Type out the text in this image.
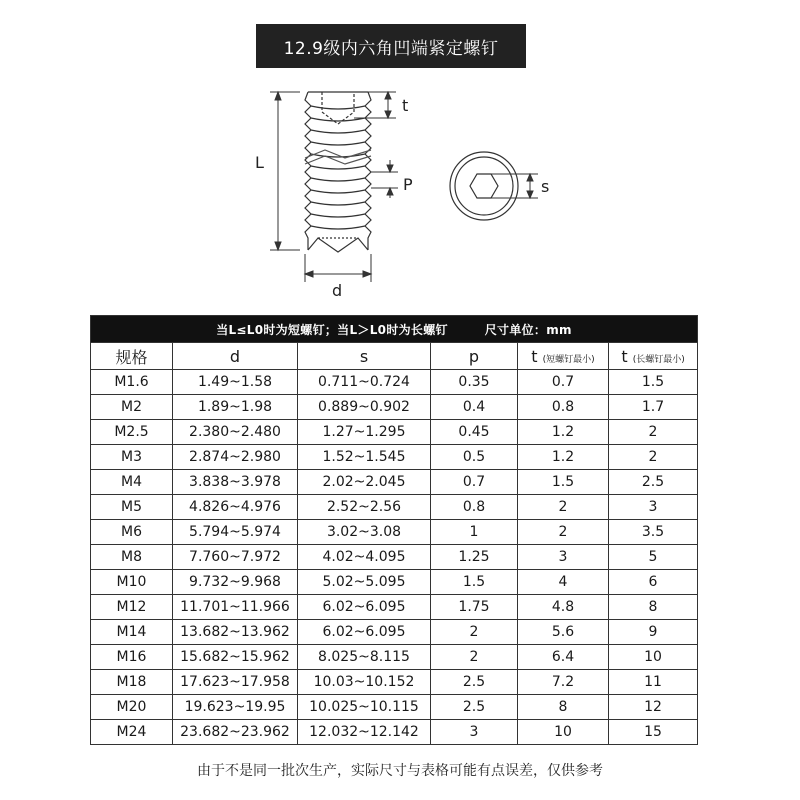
12.9级内六角凹端紧定螺钉
L
t
P
d
s
当L≤L0时为短螺钉；当L＞L0时为长螺钉　　　尺寸单位：mm					
规格	d	s	p	t (短螺钉最小)	t (长螺钉最小)
M1.6	1.49~1.58	0.711~0.724	0.35	0.7	1.5
M2	1.89~1.98	0.889~0.902	0.4	0.8	1.7
M2.5	2.380~2.480	1.27~1.295	0.45	1.2	2
M3	2.874~2.980	1.52~1.545	0.5	1.2	2
M4	3.838~3.978	2.02~2.045	0.7	1.5	2.5
M5	4.826~4.976	2.52~2.56	0.8	2	3
M6	5.794~5.974	3.02~3.08	1	2	3.5
M8	7.760~7.972	4.02~4.095	1.25	3	5
M10	9.732~9.968	5.02~5.095	1.5	4	6
M12	11.701~11.966	6.02~6.095	1.75	4.8	8
M14	13.682~13.962	6.02~6.095	2	5.6	9
M16	15.682~15.962	8.025~8.115	2	6.4	10
M18	17.623~17.958	10.03~10.152	2.5	7.2	11
M20	19.623~19.95	10.025~10.115	2.5	8	12
M24	23.682~23.962	12.032~12.142	3	10	15
由于不是同一批次生产，实际尺寸与表格可能有点误差，仅供参考
